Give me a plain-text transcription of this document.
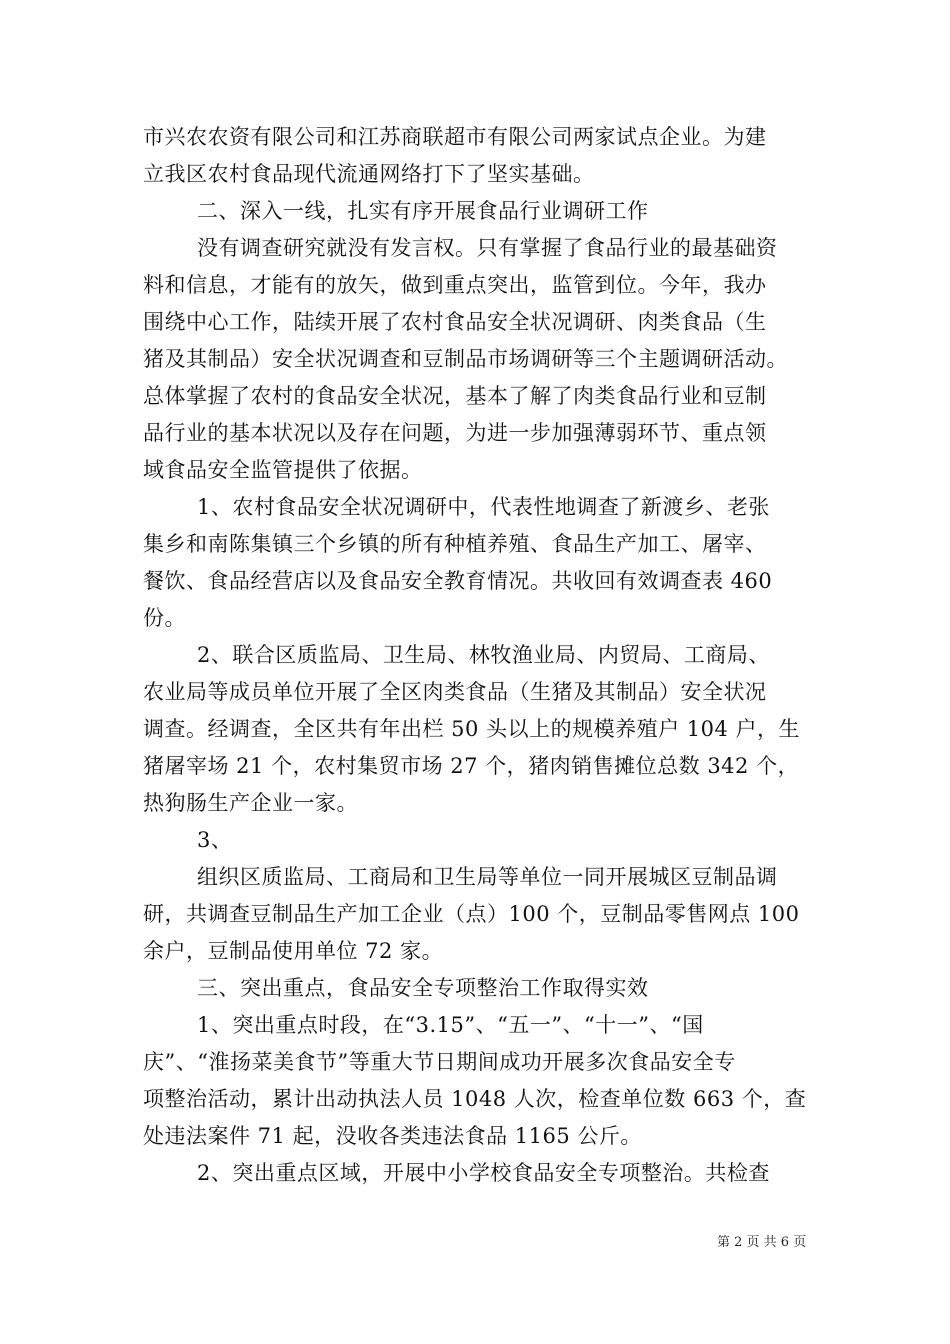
市兴农农资有限公司和江苏商联超市有限公司两家试点企业。为建
立我区农村食品现代流通网络打下了坚实基础。
二、深入一线，扎实有序开展食品行业调研工作
没有调查研究就没有发言权。只有掌握了食品行业的最基础资
料和信息，才能有的放矢，做到重点突出，监管到位。今年，我办
围绕中心工作，陆续开展了农村食品安全状况调研、肉类食品（生
猪及其制品）安全状况调查和豆制品市场调研等三个主题调研活动。
总体掌握了农村的食品安全状况，基本了解了肉类食品行业和豆制
品行业的基本状况以及存在问题，为进一步加强薄弱环节、重点领
域食品安全监管提供了依据。
1、农村食品安全状况调研中，代表性地调查了新渡乡、老张
集乡和南陈集镇三个乡镇的所有种植养殖、食品生产加工、屠宰、
餐饮、食品经营店以及食品安全教育情况。共收回有效调查表 460
份。
2、联合区质监局、卫生局、林牧渔业局、内贸局、工商局、
农业局等成员单位开展了全区肉类食品（生猪及其制品）安全状况
调查。经调查，全区共有年出栏 50 头以上的规模养殖户 104 户，生
猪屠宰场 21 个，农村集贸市场 27 个，猪肉销售摊位总数 342 个，
热狗肠生产企业一家。
3、
组织区质监局、工商局和卫生局等单位一同开展城区豆制品调
研，共调查豆制品生产加工企业（点）100 个，豆制品零售网点 100
余户，豆制品使用单位 72 家。
三、突出重点，食品安全专项整治工作取得实效
1、突出重点时段，在“3.15”、“五一”、“十一”、“国
庆”、“淮扬菜美食节”等重大节日期间成功开展多次食品安全专
项整治活动，累计出动执法人员 1048 人次，检查单位数 663 个，查
处违法案件 71 起，没收各类违法食品 1165 公斤。
2、突出重点区域，开展中小学校食品安全专项整治。共检查
第 2 页 共 6 页
